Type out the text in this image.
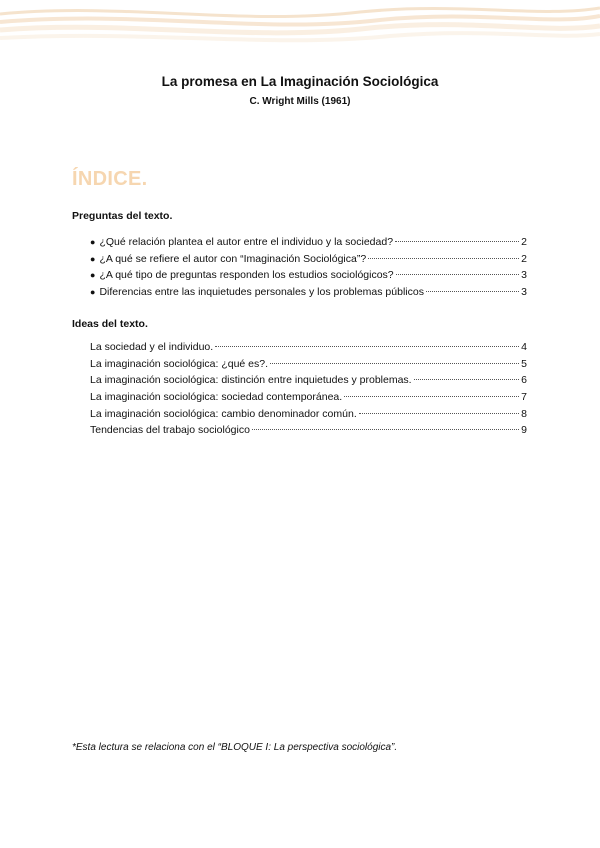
La promesa en La Imaginación Sociológica
C. Wright Mills (1961)
ÍNDICE.
Preguntas del texto.
● ¿Qué relación plantea el autor entre el individuo y la sociedad?	2
● ¿A qué se refiere el autor con “Imaginación Sociológica”?	2
● ¿A qué tipo de preguntas responden los estudios sociológicos?	3
● Diferencias entre las inquietudes personales y los problemas públicos	3
Ideas del texto.
La sociedad y el individuo.	4
La imaginación sociológica: ¿qué es?.	5
La imaginación sociológica: distinción entre inquietudes y problemas.	6
La imaginación sociológica: sociedad contemporánea.	7
La imaginación sociológica: cambio denominador común.	8
Tendencias del trabajo sociológico	9
*Esta lectura se relaciona con el “BLOQUE I: La perspectiva sociológica”.
